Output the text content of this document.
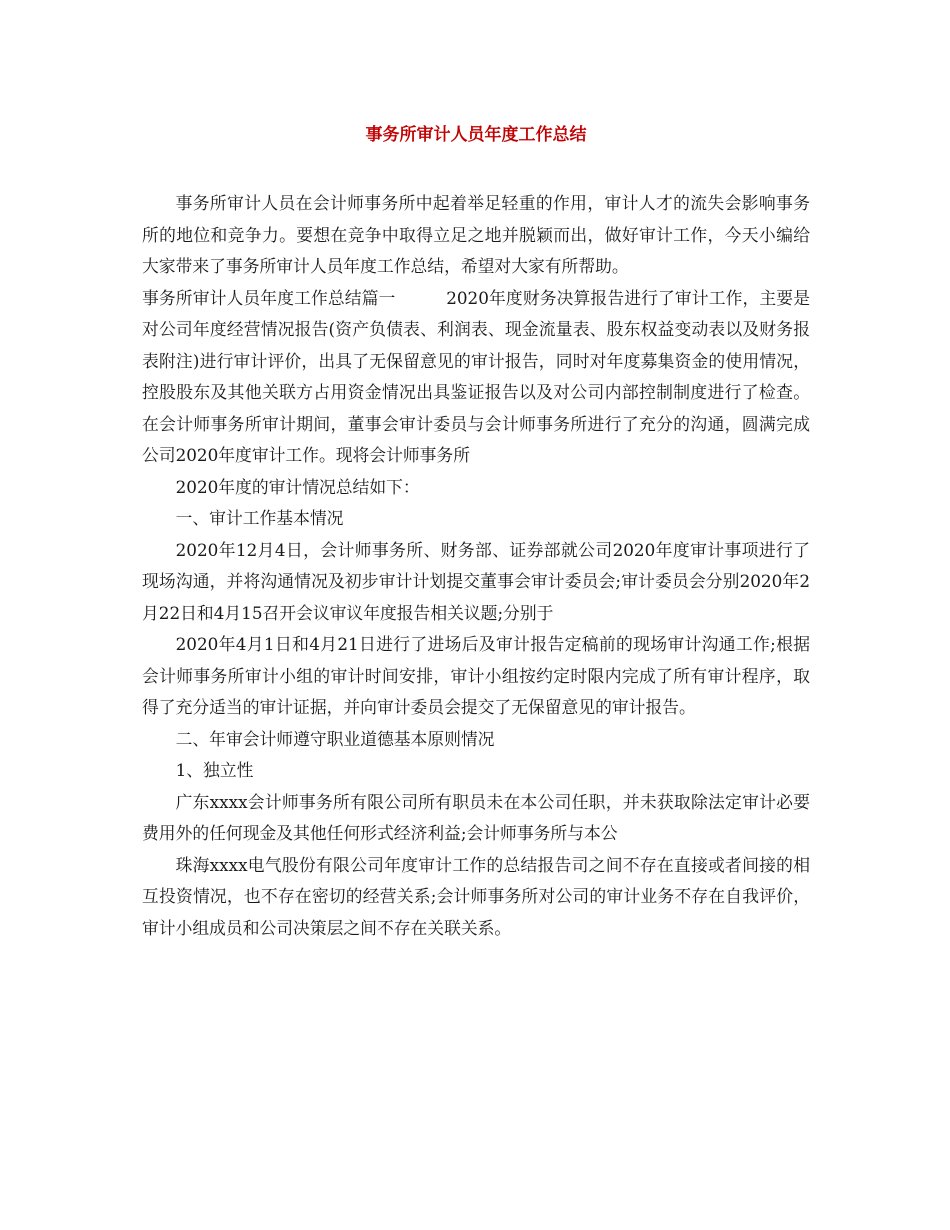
事务所审计人员年度工作总结

事务所审计人员在会计师事务所中起着举足轻重的作用，审计人才的流失会影响事务所的地位和竞争力。要想在竞争中取得立足之地并脱颖而出，做好审计工作，今天小编给大家带来了事务所审计人员年度工作总结，希望对大家有所帮助。

事务所审计人员年度工作总结篇一　　　2020年度财务决算报告进行了审计工作，主要是对公司年度经营情况报告(资产负债表、利润表、现金流量表、股东权益变动表以及财务报表附注)进行审计评价，出具了无保留意见的审计报告，同时对年度募集资金的使用情况，控股股东及其他关联方占用资金情况出具鉴证报告以及对公司内部控制制度进行了检查。在会计师事务所审计期间，董事会审计委员与会计师事务所进行了充分的沟通，圆满完成公司2020年度审计工作。现将会计师事务所

2020年度的审计情况总结如下：

一、审计工作基本情况

2020年12月4日，会计师事务所、财务部、证券部就公司2020年度审计事项进行了现场沟通，并将沟通情况及初步审计计划提交董事会审计委员会;审计委员会分别2020年2月22日和4月15召开会议审议年度报告相关议题;分别于

2020年4月1日和4月21日进行了进场后及审计报告定稿前的现场审计沟通工作;根据会计师事务所审计小组的审计时间安排，审计小组按约定时限内完成了所有审计程序，取得了充分适当的审计证据，并向审计委员会提交了无保留意见的审计报告。

二、年审会计师遵守职业道德基本原则情况

1、独立性

广东xxxx会计师事务所有限公司所有职员未在本公司任职，并未获取除法定审计必要费用外的任何现金及其他任何形式经济利益;会计师事务所与本公

珠海xxxx电气股份有限公司年度审计工作的总结报告司之间不存在直接或者间接的相互投资情况，也不存在密切的经营关系;会计师事务所对公司的审计业务不存在自我评价，审计小组成员和公司决策层之间不存在关联关系。
